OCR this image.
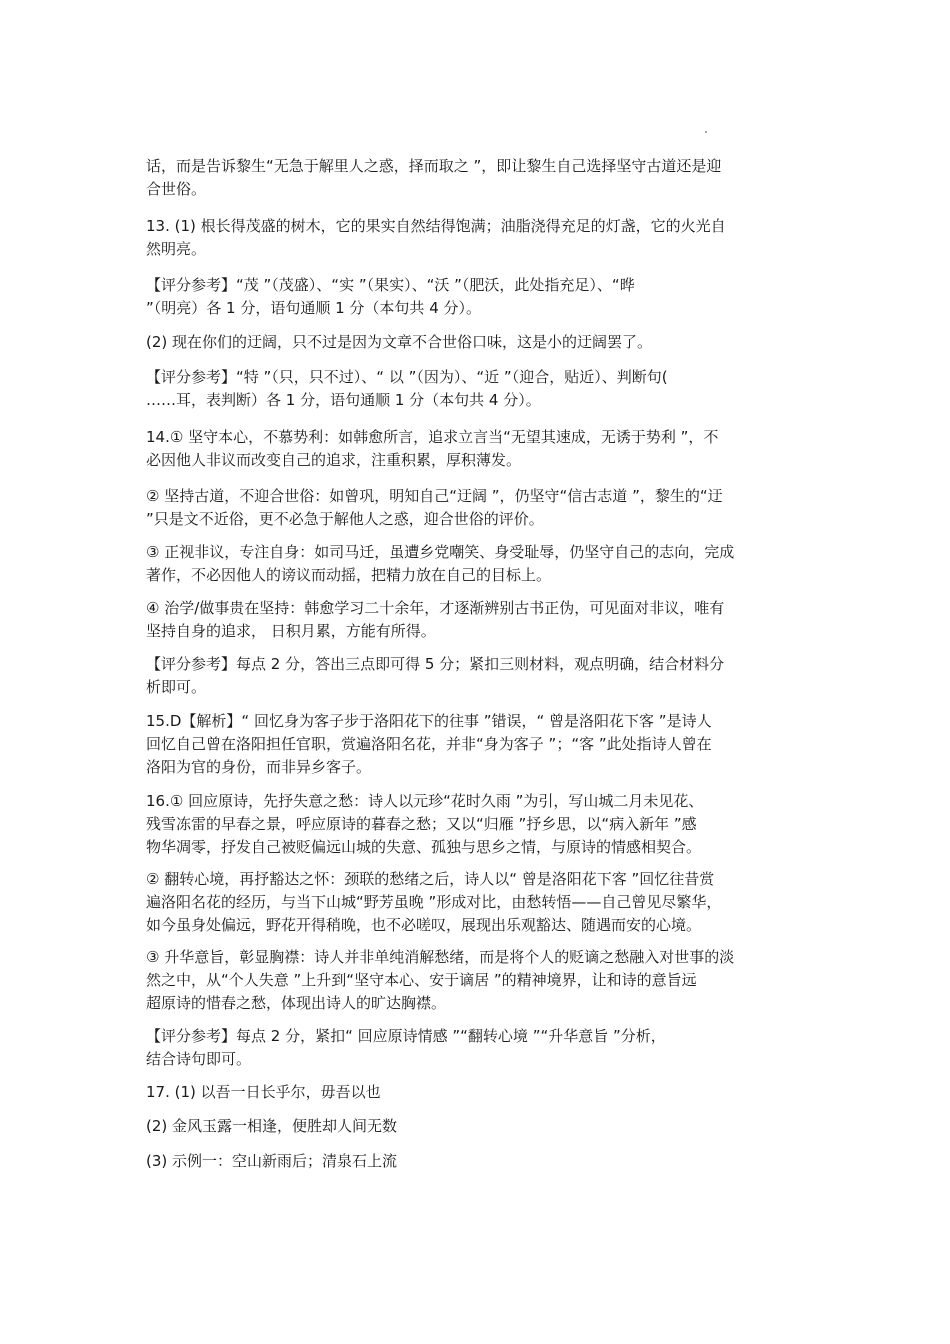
话，而是告诉黎生“无急于解里人之惑，择而取之 ”，即让黎生自己选择坚守古道还是迎
合世俗。
13. (1) 根长得茂盛的树木，它的果实自然结得饱满；油脂浇得充足的灯盏，它的火光自
然明亮。
【评分参考】“茂 ”（茂盛）、“实 ”（果实）、“沃 ”（肥沃，此处指充足）、“晔
”（明亮）各 1 分，语句通顺 1 分（本句共 4 分）。
(2) 现在你们的迂阔，只不过是因为文章不合世俗口味，这是小的迂阔罢了。
【评分参考】“特 ”（只，只不过）、“ 以 ”（因为）、“近 ”（迎合，贴近）、判断句(
……耳，表判断）各 1 分，语句通顺 1 分（本句共 4 分）。
14.① 坚守本心，不慕势利：如韩愈所言，追求立言当“无望其速成，无诱于势利 ”，不
必因他人非议而改变自己的追求，注重积累，厚积薄发。
② 坚持古道，不迎合世俗：如曾巩，明知自己“迂阔 ”，仍坚守“信古志道 ”，黎生的“迂
”只是文不近俗，更不必急于解他人之惑，迎合世俗的评价。
③ 正视非议，专注自身：如司马迁，虽遭乡党嘲笑、身受耻辱，仍坚守自己的志向，完成
著作，不必因他人的谤议而动摇，把精力放在自己的目标上。
④ 治学/做事贵在坚持：韩愈学习二十余年，才逐渐辨别古书正伪，可见面对非议，唯有
坚持自身的追求， 日积月累，方能有所得。
【评分参考】每点 2 分，答出三点即可得 5 分；紧扣三则材料，观点明确，结合材料分
析即可。
15.D【解析】“ 回忆身为客子步于洛阳花下的往事 ”错误，“ 曾是洛阳花下客 ”是诗人
回忆自己曾在洛阳担任官职，赏遍洛阳名花，并非“身为客子 ”；“客 ”此处指诗人曾在
洛阳为官的身份，而非异乡客子。
16.① 回应原诗，先抒失意之愁：诗人以元珍“花时久雨 ”为引，写山城二月未见花、
残雪冻雷的早春之景，呼应原诗的暮春之愁；又以“归雁 ”抒乡思，以“病入新年 ”感
物华凋零，抒发自己被贬偏远山城的失意、孤独与思乡之情，与原诗的情感相契合。
② 翻转心境，再抒豁达之怀：颈联的愁绪之后，诗人以“ 曾是洛阳花下客 ”回忆往昔赏
遍洛阳名花的经历，与当下山城“野芳虽晚 ”形成对比，由愁转悟——自己曾见尽繁华，
如今虽身处偏远，野花开得稍晚，也不必嗟叹，展现出乐观豁达、随遇而安的心境。
③ 升华意旨，彰显胸襟：诗人并非单纯消解愁绪，而是将个人的贬谪之愁融入对世事的淡
然之中，从“个人失意 ”上升到“坚守本心、安于谪居 ”的精神境界，让和诗的意旨远
超原诗的惜春之愁，体现出诗人的旷达胸襟。
【评分参考】每点 2 分，紧扣“ 回应原诗情感 ”“翻转心境 ”“升华意旨 ”分析，
结合诗句即可。
17. (1) 以吾一日长乎尔，毋吾以也
(2) 金风玉露一相逢，便胜却人间无数
(3) 示例一：空山新雨后；清泉石上流
